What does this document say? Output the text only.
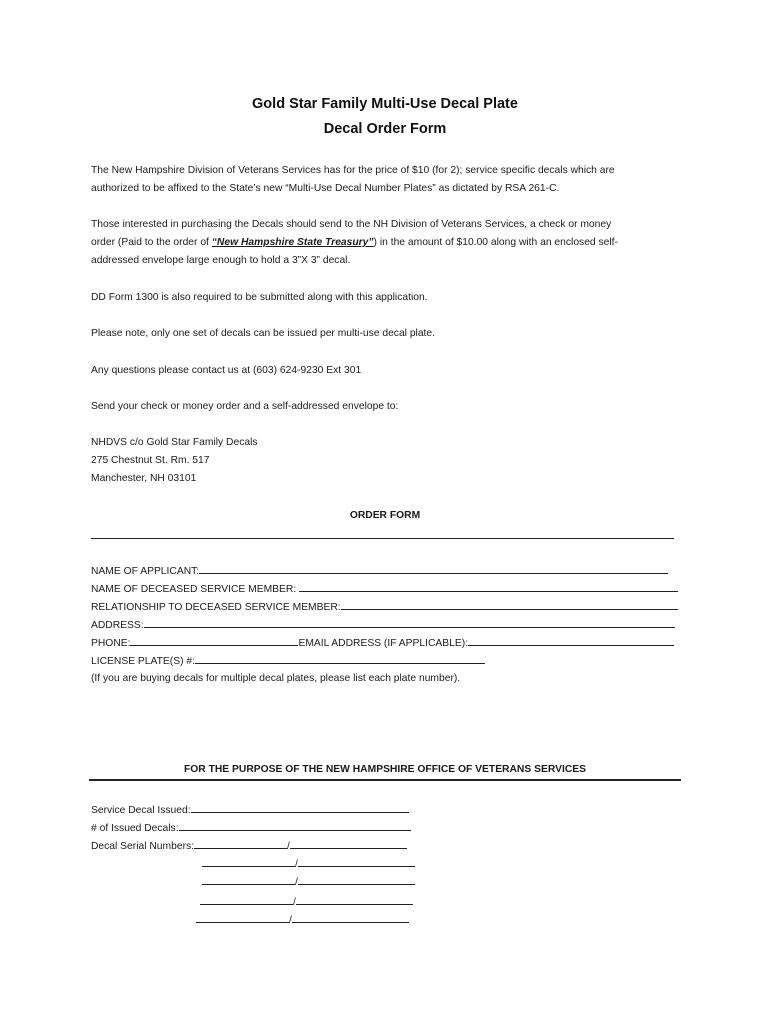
Gold Star Family Multi-Use Decal Plate
Decal Order Form
The New Hampshire Division of Veterans Services has for the price of $10 (for 2); service specific decals which are
authorized to be affixed to the State’s new “Multi-Use Decal Number Plates” as dictated by RSA 261-C.
Those interested in purchasing the Decals should send to the NH Division of Veterans Services, a check or money
order (Paid to the order of “New Hampshire State Treasury”) in the amount of $10.00 along with an enclosed self-
addressed envelope large enough to hold a 3”X 3” decal.
DD Form 1300 is also required to be submitted along with this application.
Please note, only one set of decals can be issued per multi-use decal plate.
Any questions please contact us at (603) 624-9230 Ext 301
Send your check or money order and a self-addressed envelope to:
NHDVS c/o Gold Star Family Decals
275 Chestnut St. Rm. 517
Manchester, NH 03101
ORDER FORM
NAME OF APPLICANT:
NAME OF DECEASED SERVICE MEMBER:
RELATIONSHIP TO DECEASED SERVICE MEMBER:
ADDRESS:
PHONE:	EMAIL ADDRESS (IF APPLICABLE):
LICENSE PLATE(S) #:
(If you are buying decals for multiple decal plates, please list each plate number).
FOR THE PURPOSE OF THE NEW HAMPSHIRE OFFICE OF VETERANS SERVICES
Service Decal Issued:
# of Issued Decals:
Decal Serial Numbers:	/
/
/
/
/
